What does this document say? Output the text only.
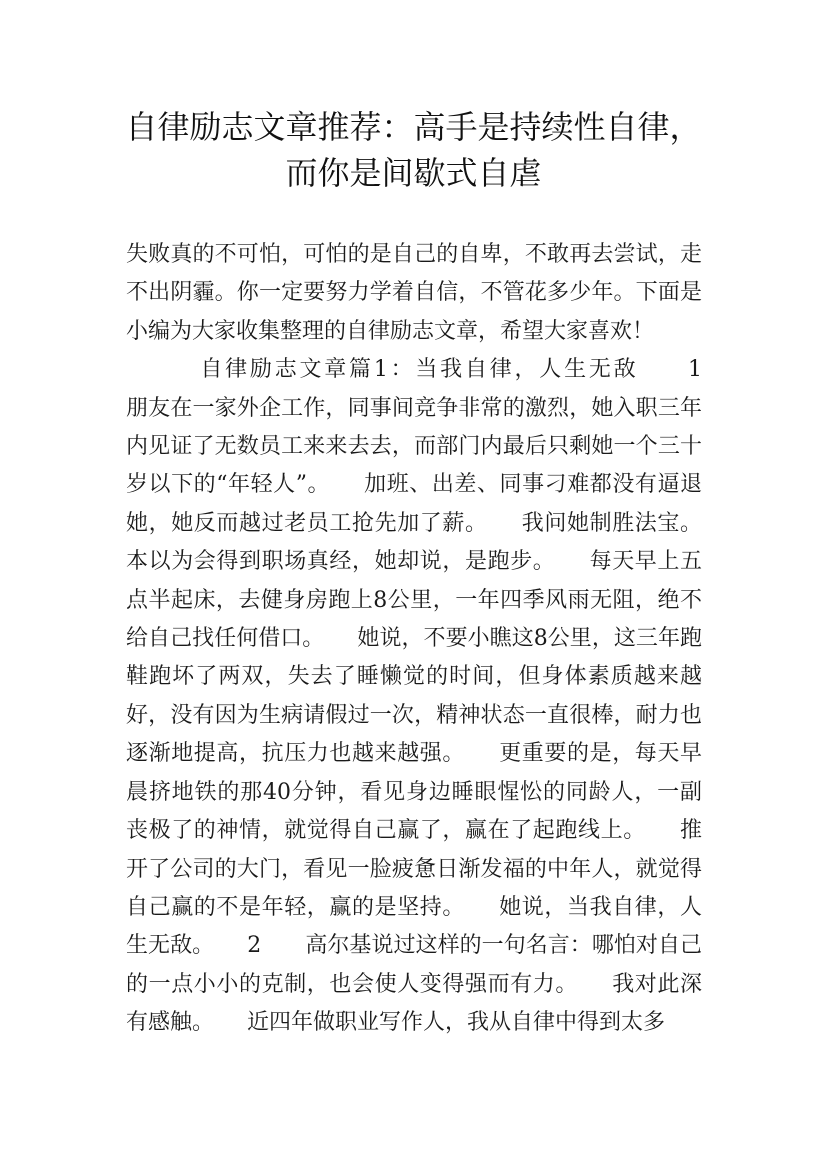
自律励志文章推荐：高手是持续性自律，而你是间歇式自虐
失败真的不可怕，可怕的是自己的自卑，不敢再去尝试，走不出阴霾。你一定要努力学着自信，不管花多少年。下面是小编为大家收集整理的自律励志文章，希望大家喜欢！
　　　自律励志文章篇1：当我自律，人生无敌　　1　　朋友在一家外企工作，同事间竞争非常的激烈，她入职三年内见证了无数员工来来去去，而部门内最后只剩她一个三十岁以下的“年轻人”。　　加班、出差、同事刁难都没有逼退她，她反而越过老员工抢先加了薪。　　我问她制胜法宝。本以为会得到职场真经，她却说，是跑步。　　每天早上五点半起床，去健身房跑上8公里，一年四季风雨无阻，绝不给自己找任何借口。　　她说，不要小瞧这8公里，这三年跑鞋跑坏了两双，失去了睡懒觉的时间，但身体素质越来越好，没有因为生病请假过一次，精神状态一直很棒，耐力也逐渐地提高，抗压力也越来越强。　　更重要的是，每天早晨挤地铁的那40分钟，看见身边睡眼惺忪的同龄人，一副丧极了的神情，就觉得自己赢了，赢在了起跑线上。　　推开了公司的大门，看见一脸疲惫日渐发福的中年人，就觉得自己赢的不是年轻，赢的是坚持。　　她说，当我自律，人生无敌。　　2　　高尔基说过这样的一句名言：哪怕对自己的一点小小的克制，也会使人变得强而有力。　　我对此深有感触。　　近四年做职业写作人，我从自律中得到太多
